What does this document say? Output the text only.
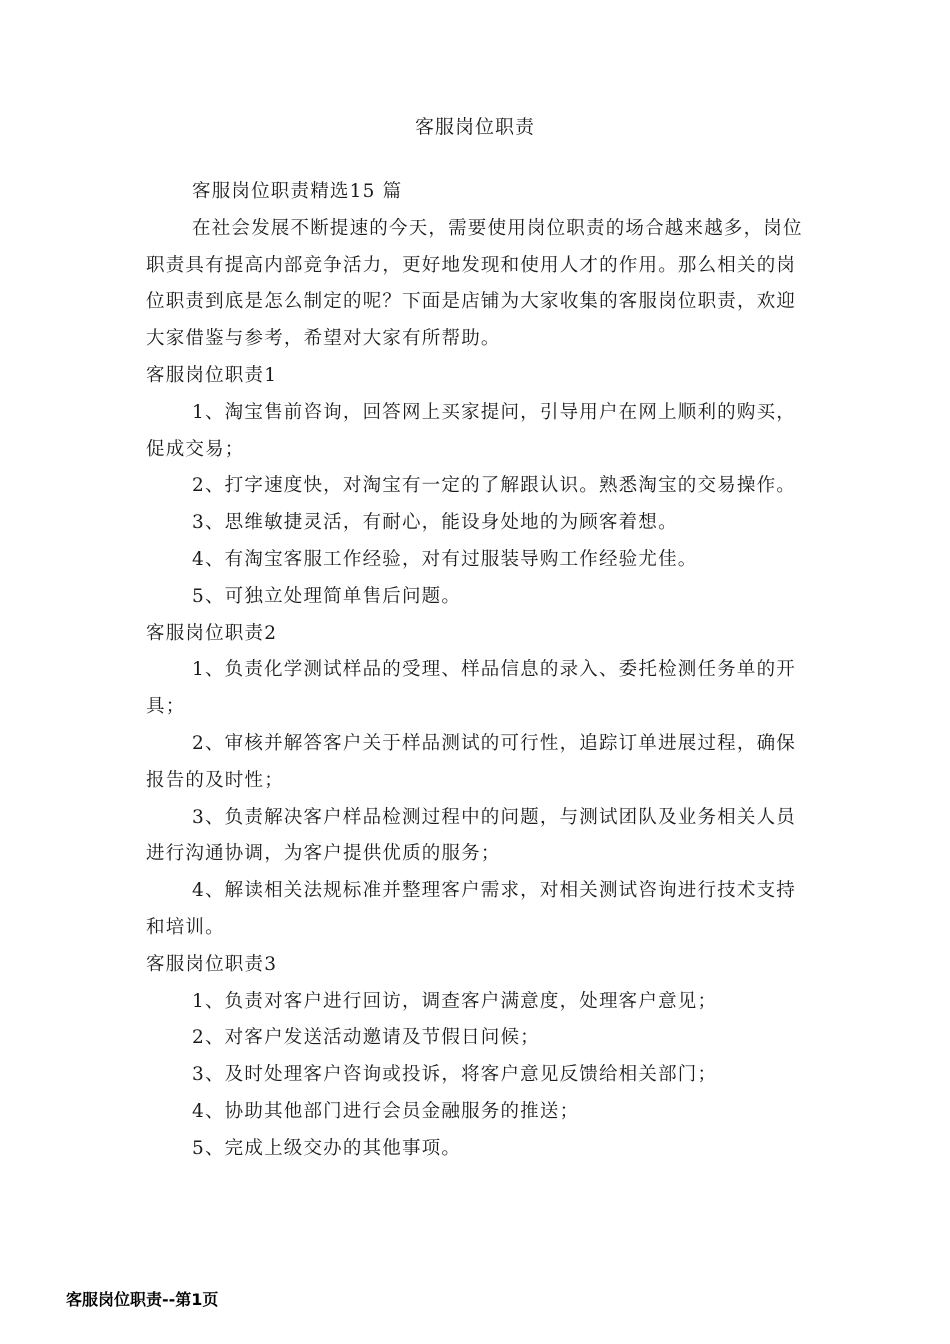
客服岗位职责

客服岗位职责精选15 篇

在社会发展不断提速的今天，需要使用岗位职责的场合越来越多，岗位职责具有提高内部竞争活力，更好地发现和使用人才的作用。那么相关的岗位职责到底是怎么制定的呢？下面是店铺为大家收集的客服岗位职责，欢迎大家借鉴与参考，希望对大家有所帮助。

客服岗位职责1

1、淘宝售前咨询，回答网上买家提问，引导用户在网上顺利的购买，促成交易；

2、打字速度快，对淘宝有一定的了解跟认识。熟悉淘宝的交易操作。

3、思维敏捷灵活，有耐心，能设身处地的为顾客着想。

4、有淘宝客服工作经验，对有过服装导购工作经验尤佳。

5、可独立处理简单售后问题。

客服岗位职责2

1、负责化学测试样品的受理、样品信息的录入、委托检测任务单的开具；

2、审核并解答客户关于样品测试的可行性，追踪订单进展过程，确保报告的及时性；

3、负责解决客户样品检测过程中的问题，与测试团队及业务相关人员进行沟通协调，为客户提供优质的服务；

4、解读相关法规标准并整理客户需求，对相关测试咨询进行技术支持和培训。

客服岗位职责3

1、负责对客户进行回访，调查客户满意度，处理客户意见；

2、对客户发送活动邀请及节假日问候；

3、及时处理客户咨询或投诉，将客户意见反馈给相关部门；

4、协助其他部门进行会员金融服务的推送；

5、完成上级交办的其他事项。

客服岗位职责--第1页
